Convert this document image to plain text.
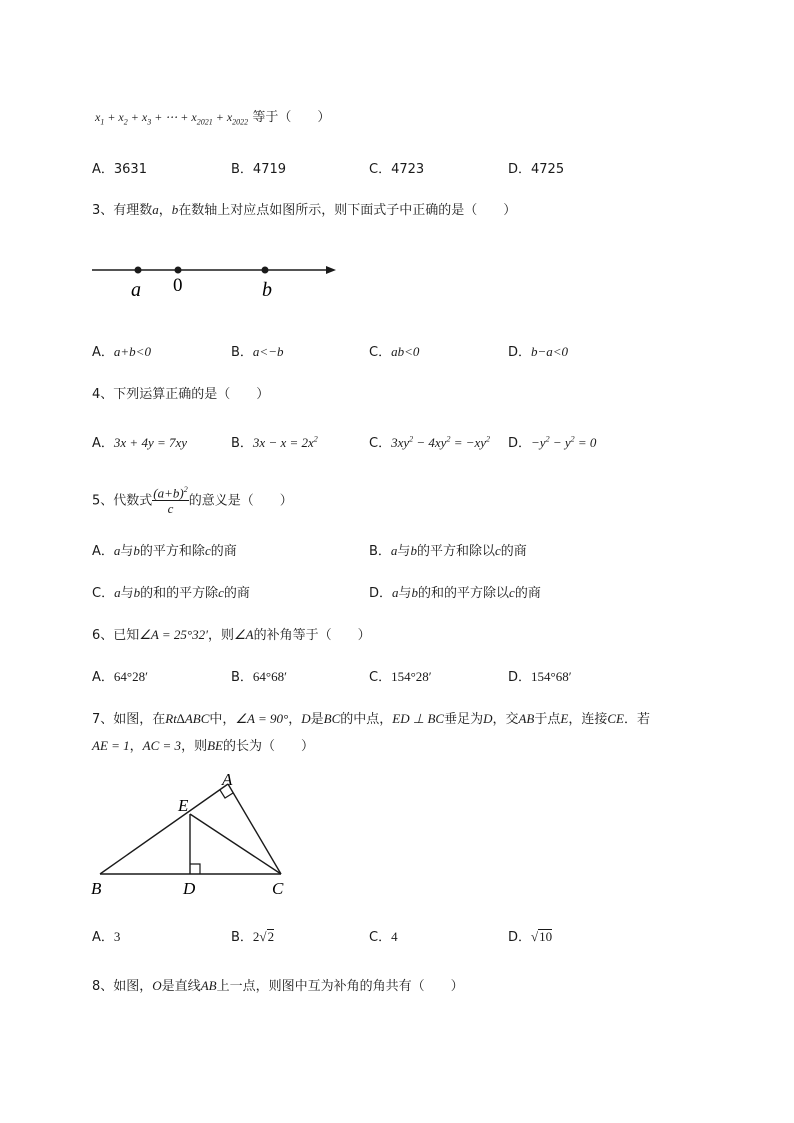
$x_1 + x_2 + x_3$ + ⋯ + $x_{2021} + x_{2022}$ 等于（　　）
A．3631	B．4719	C．4723	D．4725
3、有理数a，b在数轴上对应点如图所示，则下面式子中正确的是（　　）
a 0	b
A．a+b<0	B．a<−b	C．ab<0	D．b−a<0
4、下列运算正确的是（　　）
A．3x + 4y = 7xy	B．$3x - x = 2x^2$	C．$3xy^2 - 4xy^2 = -xy^2$ D．$-y^2 - y^2 = 0$
5、代数式 $\frac{(a+b)^2}{c}$ 的意义是（　　）
A．a与b的平方和除c的商	B．a与b的平方和除以c的商
C．a与b的和的平方除c的商	D．a与b的和的平方除以c的商
6、已知∠A = 25°32′，则∠A的补角等于（　　）
A．64°28′	B．64°68′	C．154°28′	D．154°68′
7、如图，在Rt∆ABC中，∠A = 90°，D是BC的中点，ED ⊥ BC垂足为D，交AB于点E，连接CE．若
AE = 1，AC = 3，则BE的长为（　　）
A
E
B	D	C
A．3	B．2√2	C．4	D．√10
8、如图，O是直线AB上一点，则图中互为补角的角共有（　　）
